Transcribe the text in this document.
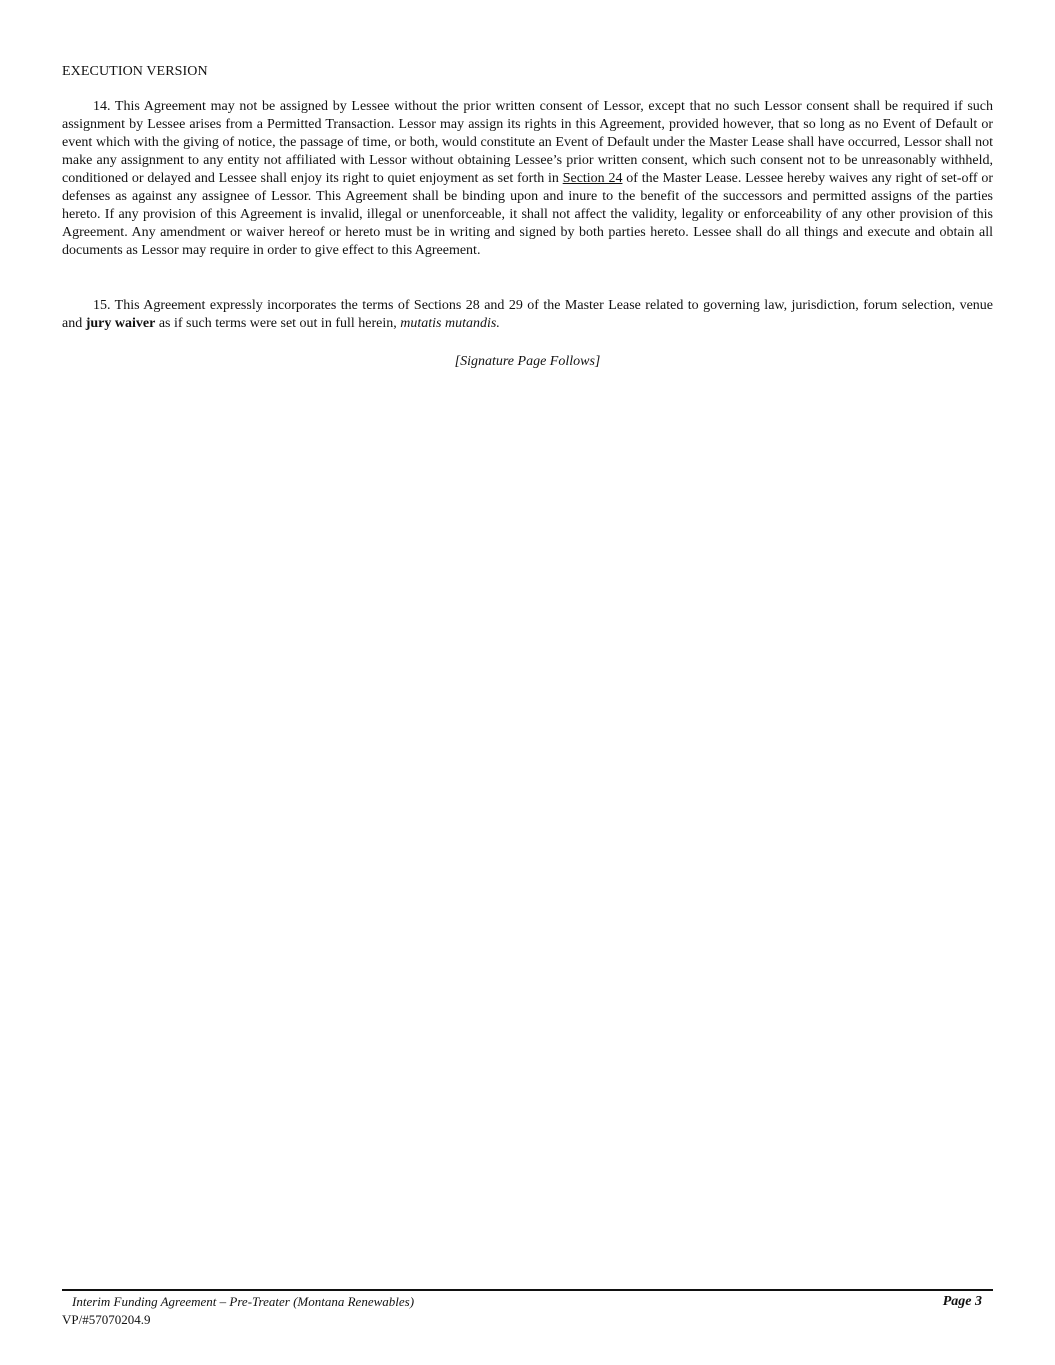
EXECUTION VERSION

14. This Agreement may not be assigned by Lessee without the prior written consent of Lessor, except that no such Lessor consent shall be required if such assignment by Lessee arises from a Permitted Transaction. Lessor may assign its rights in this Agreement, provided however, that so long as no Event of Default or event which with the giving of notice, the passage of time, or both, would constitute an Event of Default under the Master Lease shall have occurred, Lessor shall not make any assignment to any entity not affiliated with Lessor without obtaining Lessee’s prior written consent, which such consent not to be unreasonably withheld, conditioned or delayed and Lessee shall enjoy its right to quiet enjoyment as set forth in Section 24 of the Master Lease. Lessee hereby waives any right of set-off or defenses as against any assignee of Lessor. This Agreement shall be binding upon and inure to the benefit of the successors and permitted assigns of the parties hereto. If any provision of this Agreement is invalid, illegal or unenforceable, it shall not affect the validity, legality or enforceability of any other provision of this Agreement. Any amendment or waiver hereof or hereto must be in writing and signed by both parties hereto. Lessee shall do all things and execute and obtain all documents as Lessor may require in order to give effect to this Agreement.

15. This Agreement expressly incorporates the terms of Sections 28 and 29 of the Master Lease related to governing law, jurisdiction, forum selection, venue and jury waiver as if such terms were set out in full herein, mutatis mutandis.

[Signature Page Follows]
Interim Funding Agreement – Pre-Treater (Montana Renewables)	Page 3
VP/#57070204.9
